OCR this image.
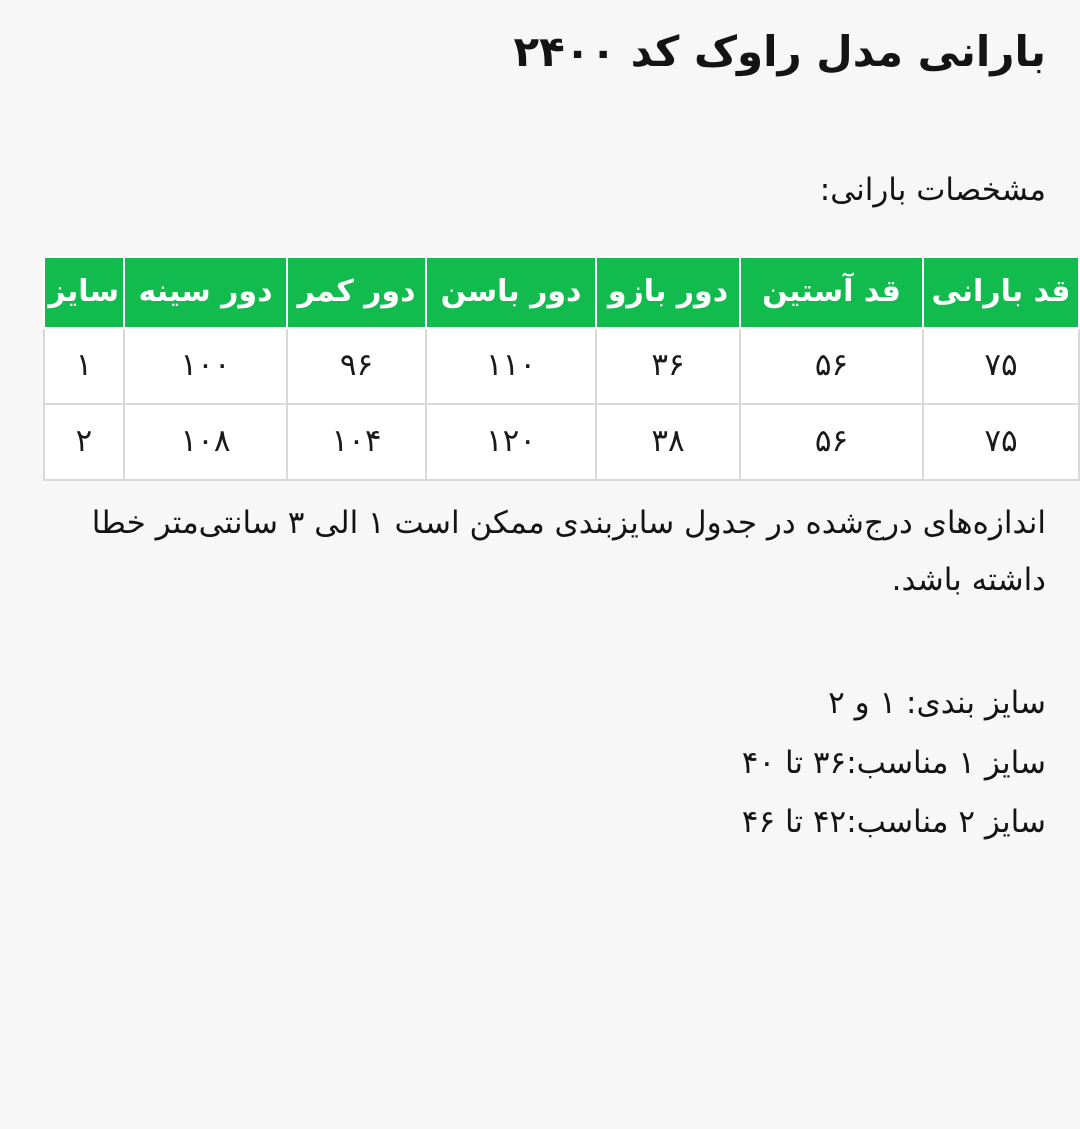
بارانی مدل راوک کد ۲۴۰۰
مشخصات بارانی:
قد بارانی	قد آستین	دور بازو	دور باسن	دور کمر	دور سینه	سایز
۷۵	۵۶	۳۶	۱۱۰	۹۶	۱۰۰	۱
۷۵	۵۶	۳۸	۱۲۰	۱۰۴	۱۰۸	۲
اندازه‌های درج‌شده در جدول سایزبندی ممکن است ۱ الی ۳ سانتی‌متر خطا داشته باشد.
سایز بندی: ۱ و ۲
سایز ۱ مناسب:۳۶ تا ۴۰
سایز ۲ مناسب:۴۲ تا ۴۶
